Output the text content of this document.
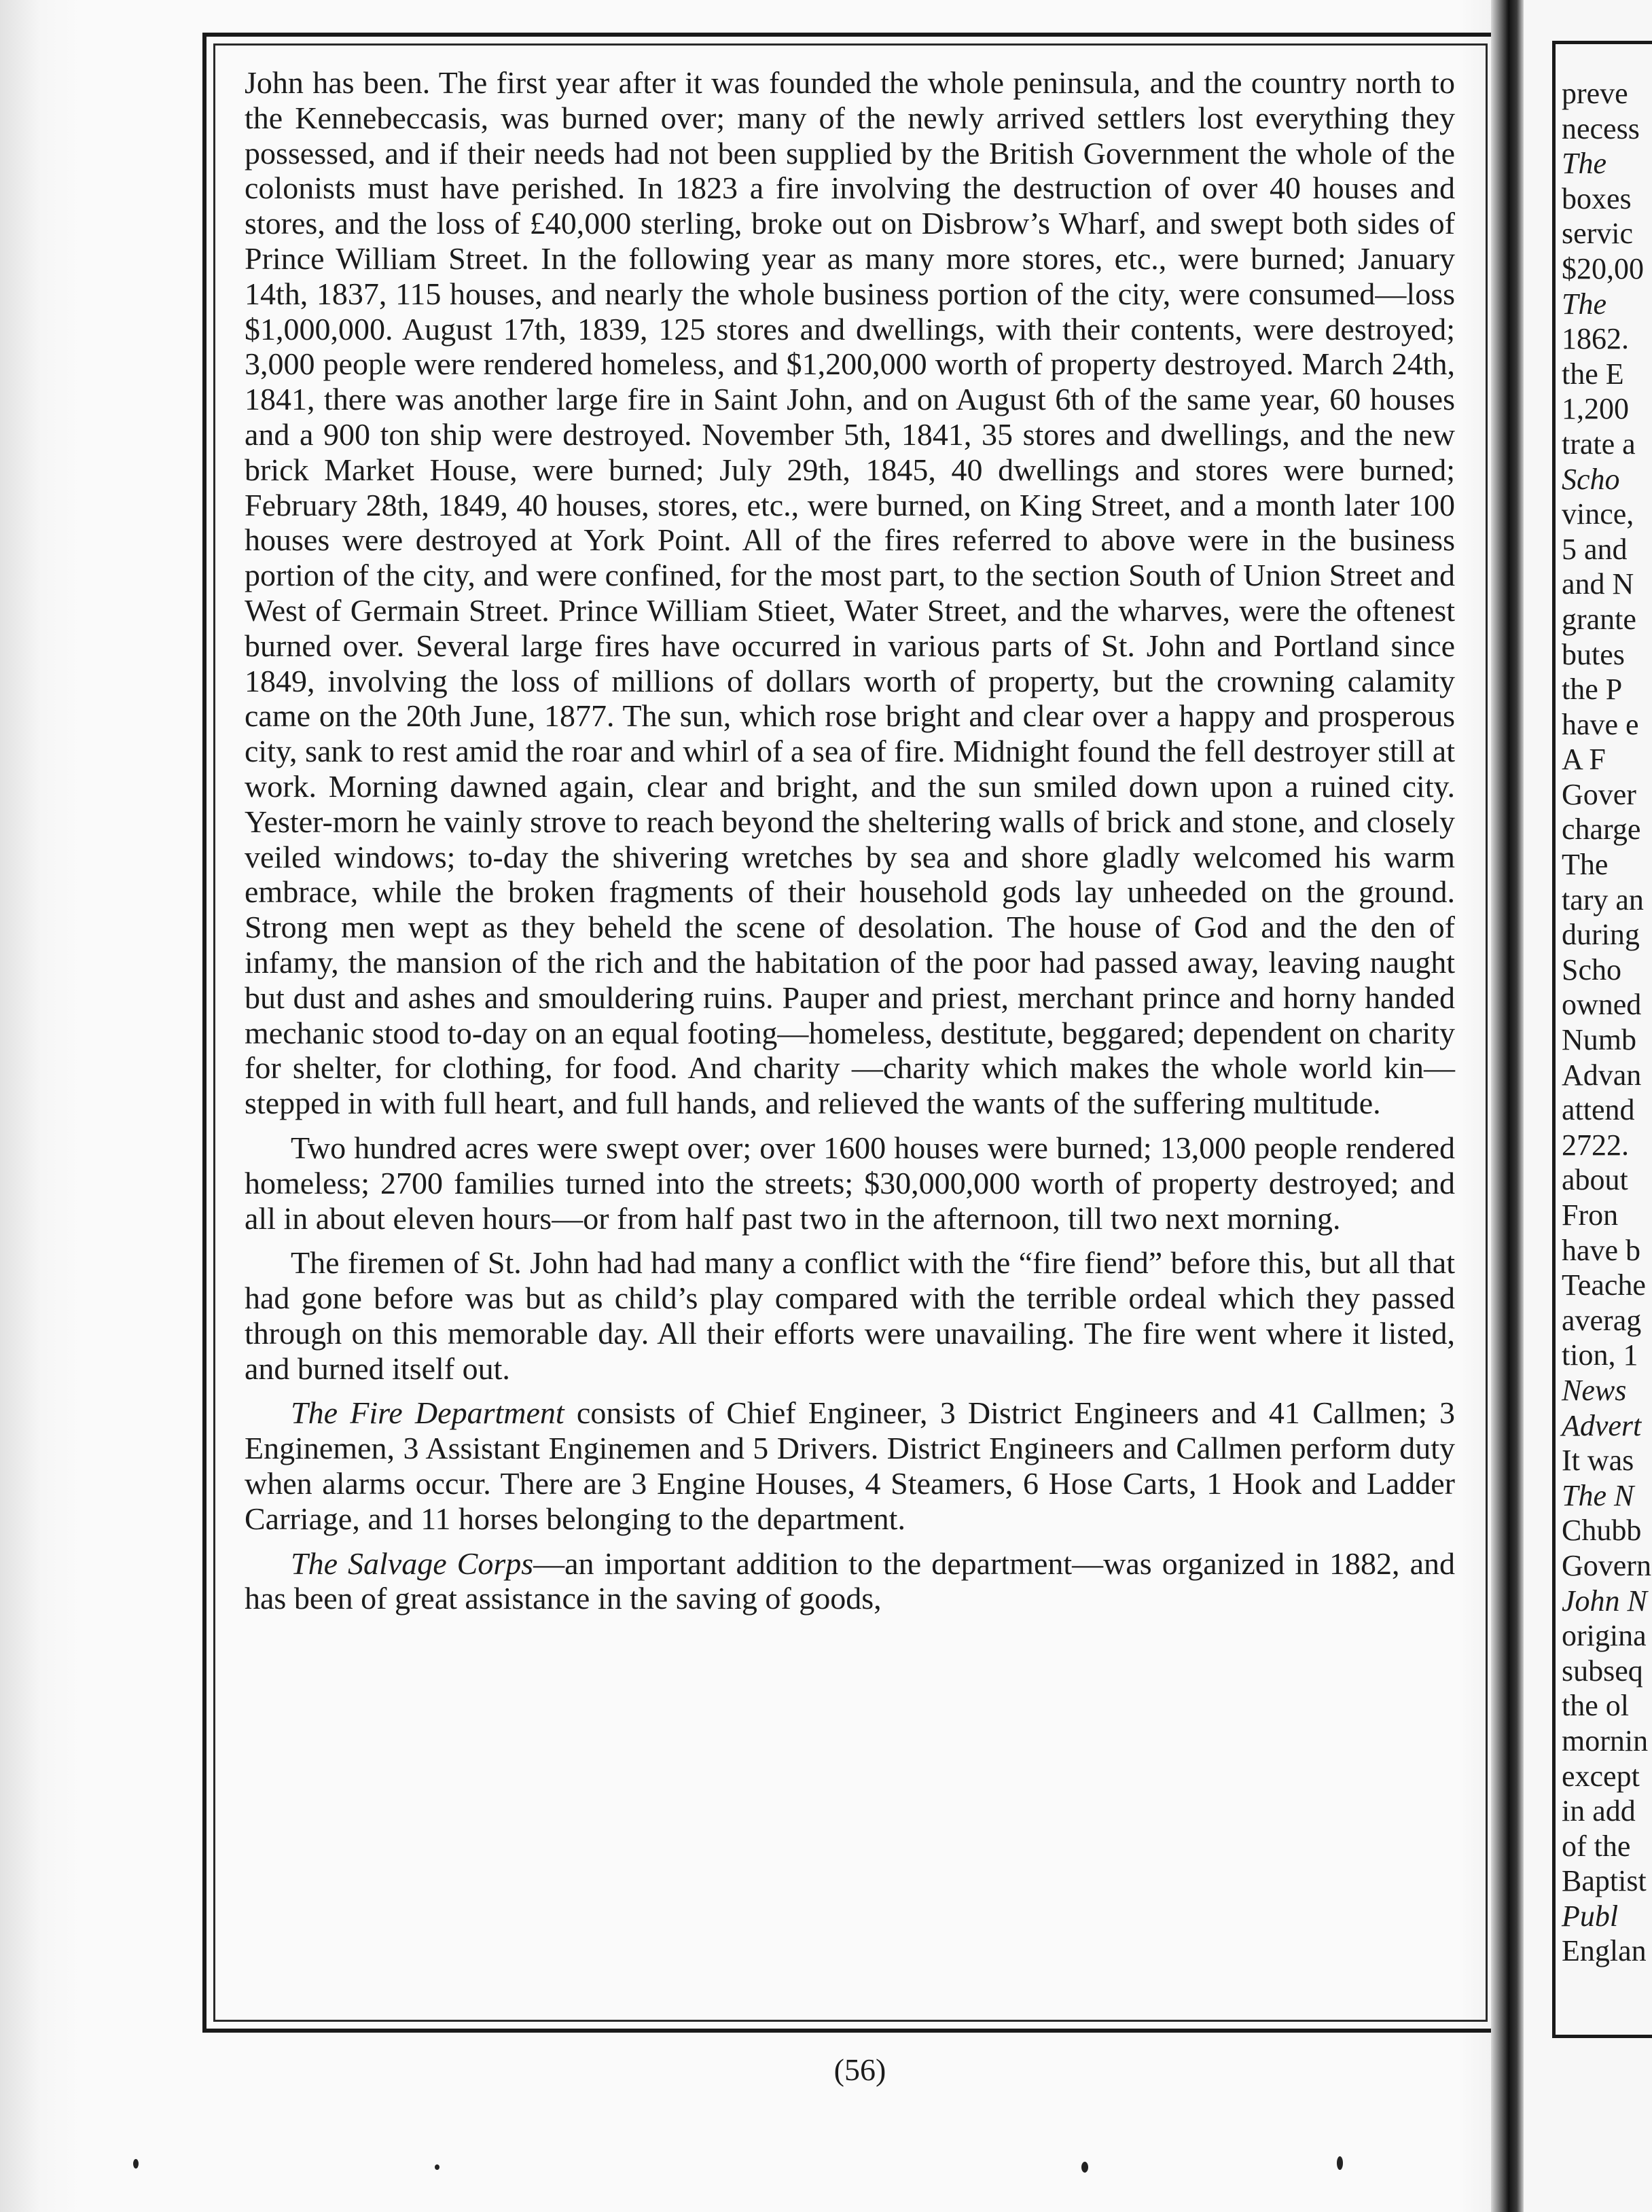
John has been. The first year after it was founded the whole peninsula, and the country north to the Kennebeccasis, was burned over; many of the newly arrived settlers lost everything they possessed, and if their needs had not been supplied by the British Government the whole of the colonists must have perished. In 1823 a fire involving the destruction of over 40 houses and stores, and the loss of £40,000 sterling, broke out on Disbrow’s Wharf, and swept both sides of Prince William Street. In the following year as many more stores, etc., were burned; January 14th, 1837, 115 houses, and nearly the whole business portion of the city, were consumed—loss $1,000,000. August 17th, 1839, 125 stores and dwellings, with their contents, were destroyed; 3,000 people were rendered homeless, and $1,200,000 worth of property destroyed. March 24th, 1841, there was another large fire in Saint John, and on August 6th of the same year, 60 houses and a 900 ton ship were destroyed. November 5th, 1841, 35 stores and dwellings, and the new brick Market House, were burned; July 29th, 1845, 40 dwellings and stores were burned; February 28th, 1849, 40 houses, stores, etc., were burned, on King Street, and a month later 100 houses were destroyed at York Point. All of the fires referred to above were in the business portion of the city, and were confined, for the most part, to the section South of Union Street and West of Germain Street. Prince William Stieet, Water Street, and the wharves, were the oftenest burned over. Several large fires have occurred in various parts of St. John and Portland since 1849, involving the loss of millions of dollars worth of property, but the crowning calamity came on the 20th June, 1877. The sun, which rose bright and clear over a happy and prosperous city, sank to rest amid the roar and whirl of a sea of fire. Midnight found the fell destroyer still at work. Morning dawned again, clear and bright, and the sun smiled down upon a ruined city. Yester-morn he vainly strove to reach beyond the sheltering walls of brick and stone, and closely veiled windows; to-day the shivering wretches by sea and shore gladly welcomed his warm embrace, while the broken fragments of their household gods lay unheeded on the ground. Strong men wept as they beheld the scene of desolation. The house of God and the den of infamy, the mansion of the rich and the habitation of the poor had passed away, leaving naught but dust and ashes and smouldering ruins. Pauper and priest, merchant prince and horny handed mechanic stood to-day on an equal footing—homeless, destitute, beggared; dependent on charity for shelter, for clothing, for food. And charity —charity which makes the whole world kin—stepped in with full heart, and full hands, and relieved the wants of the suffering multitude.

Two hundred acres were swept over; over 1600 houses were burned; 13,000 people rendered homeless; 2700 families turned into the streets; $30,000,000 worth of property destroyed; and all in about eleven hours—or from half past two in the afternoon, till two next morning.

The firemen of St. John had had many a conflict with the “fire fiend” before this, but all that had gone before was but as child’s play compared with the terrible ordeal which they passed through on this memorable day. All their efforts were unavailing. The fire went where it listed, and burned itself out.

The Fire Department consists of Chief Engineer, 3 District Engineers and 41 Callmen; 3 Enginemen, 3 Assistant Enginemen and 5 Drivers. District Engineers and Callmen perform duty when alarms occur. There are 3 Engine Houses, 4 Steamers, 6 Hose Carts, 1 Hook and Ladder Carriage, and 11 horses belonging to the department.

The Salvage Corps—an important addition to the department—was organized in 1882, and has been of great assistance in the saving of goods,

(56)
preve
necess
The
boxes
servic
$20,00
The
1862.
the E
1,200
trate a
Scho
vince,
5 and
and N
grante
butes
the P
have e
A F
Gover
charge
The
tary an
during
Scho
owned
Numb
Advan
attend
2722.
about
Fron
have b
Teache
averag
tion, 1
News
Advert
It was
The N
Chubb
Govern
John N
origina
subseq
the ol
mornin
except
in add
of the
Baptist
Publ
Englan
